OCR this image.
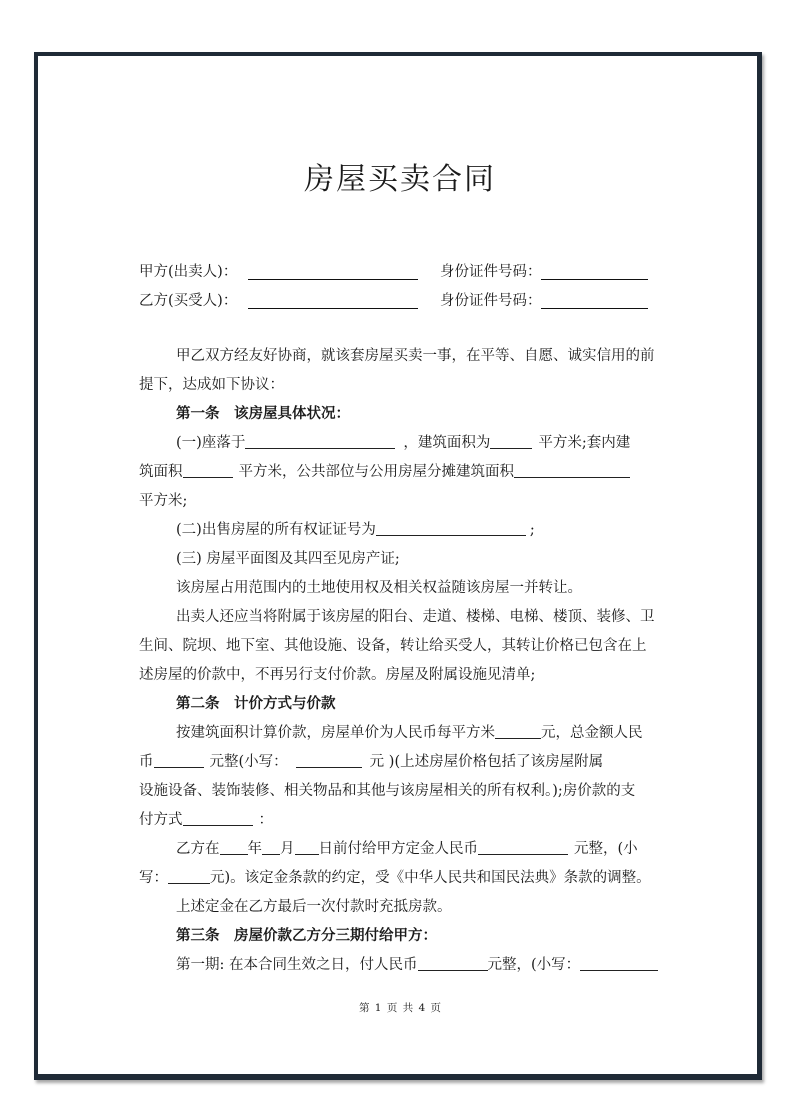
房屋买卖合同
甲方(出卖人)：	身份证件号码：
乙方(买受人)：	身份证件号码：
甲乙双方经友好协商，就该套房屋买卖一事，在平等、自愿、诚实信用的前
提下，达成如下协议：
第一条　该房屋具体状况：
(一)座落于	，建筑面积为	平方米;套内建
筑面积	平方米，公共部位与公用房屋分摊建筑面积
平方米;
(二)出售房屋的所有权证证号为	;
(三) 房屋平面图及其四至见房产证;
该房屋占用范围内的土地使用权及相关权益随该房屋一并转让。
出卖人还应当将附属于该房屋的阳台、走道、楼梯、电梯、楼顶、装修、卫
生间、院坝、地下室、其他设施、设备，转让给买受人，其转让价格已包含在上
述房屋的价款中，不再另行支付价款。房屋及附属设施见清单;
第二条　计价方式与价款
按建筑面积计算价款，房屋单价为人民币每平方米	元，总金额人民
币	元整(小写：	元 )(上述房屋价格包括了该房屋附属
设施设备、装饰装修、相关物品和其他与该房屋相关的所有权利。);房价款的支
付方式	：
乙方在 年 月 日前付给甲方定金人民币	元整，(小
写：	元)。该定金条款的约定，受《中华人民共和国民法典》条款的调整。
上述定金在乙方最后一次付款时充抵房款。
第三条　房屋价款乙方分三期付给甲方：
第一期: 在本合同生效之日，付人民币	元整，(小写：
第 1 页 共 4 页
